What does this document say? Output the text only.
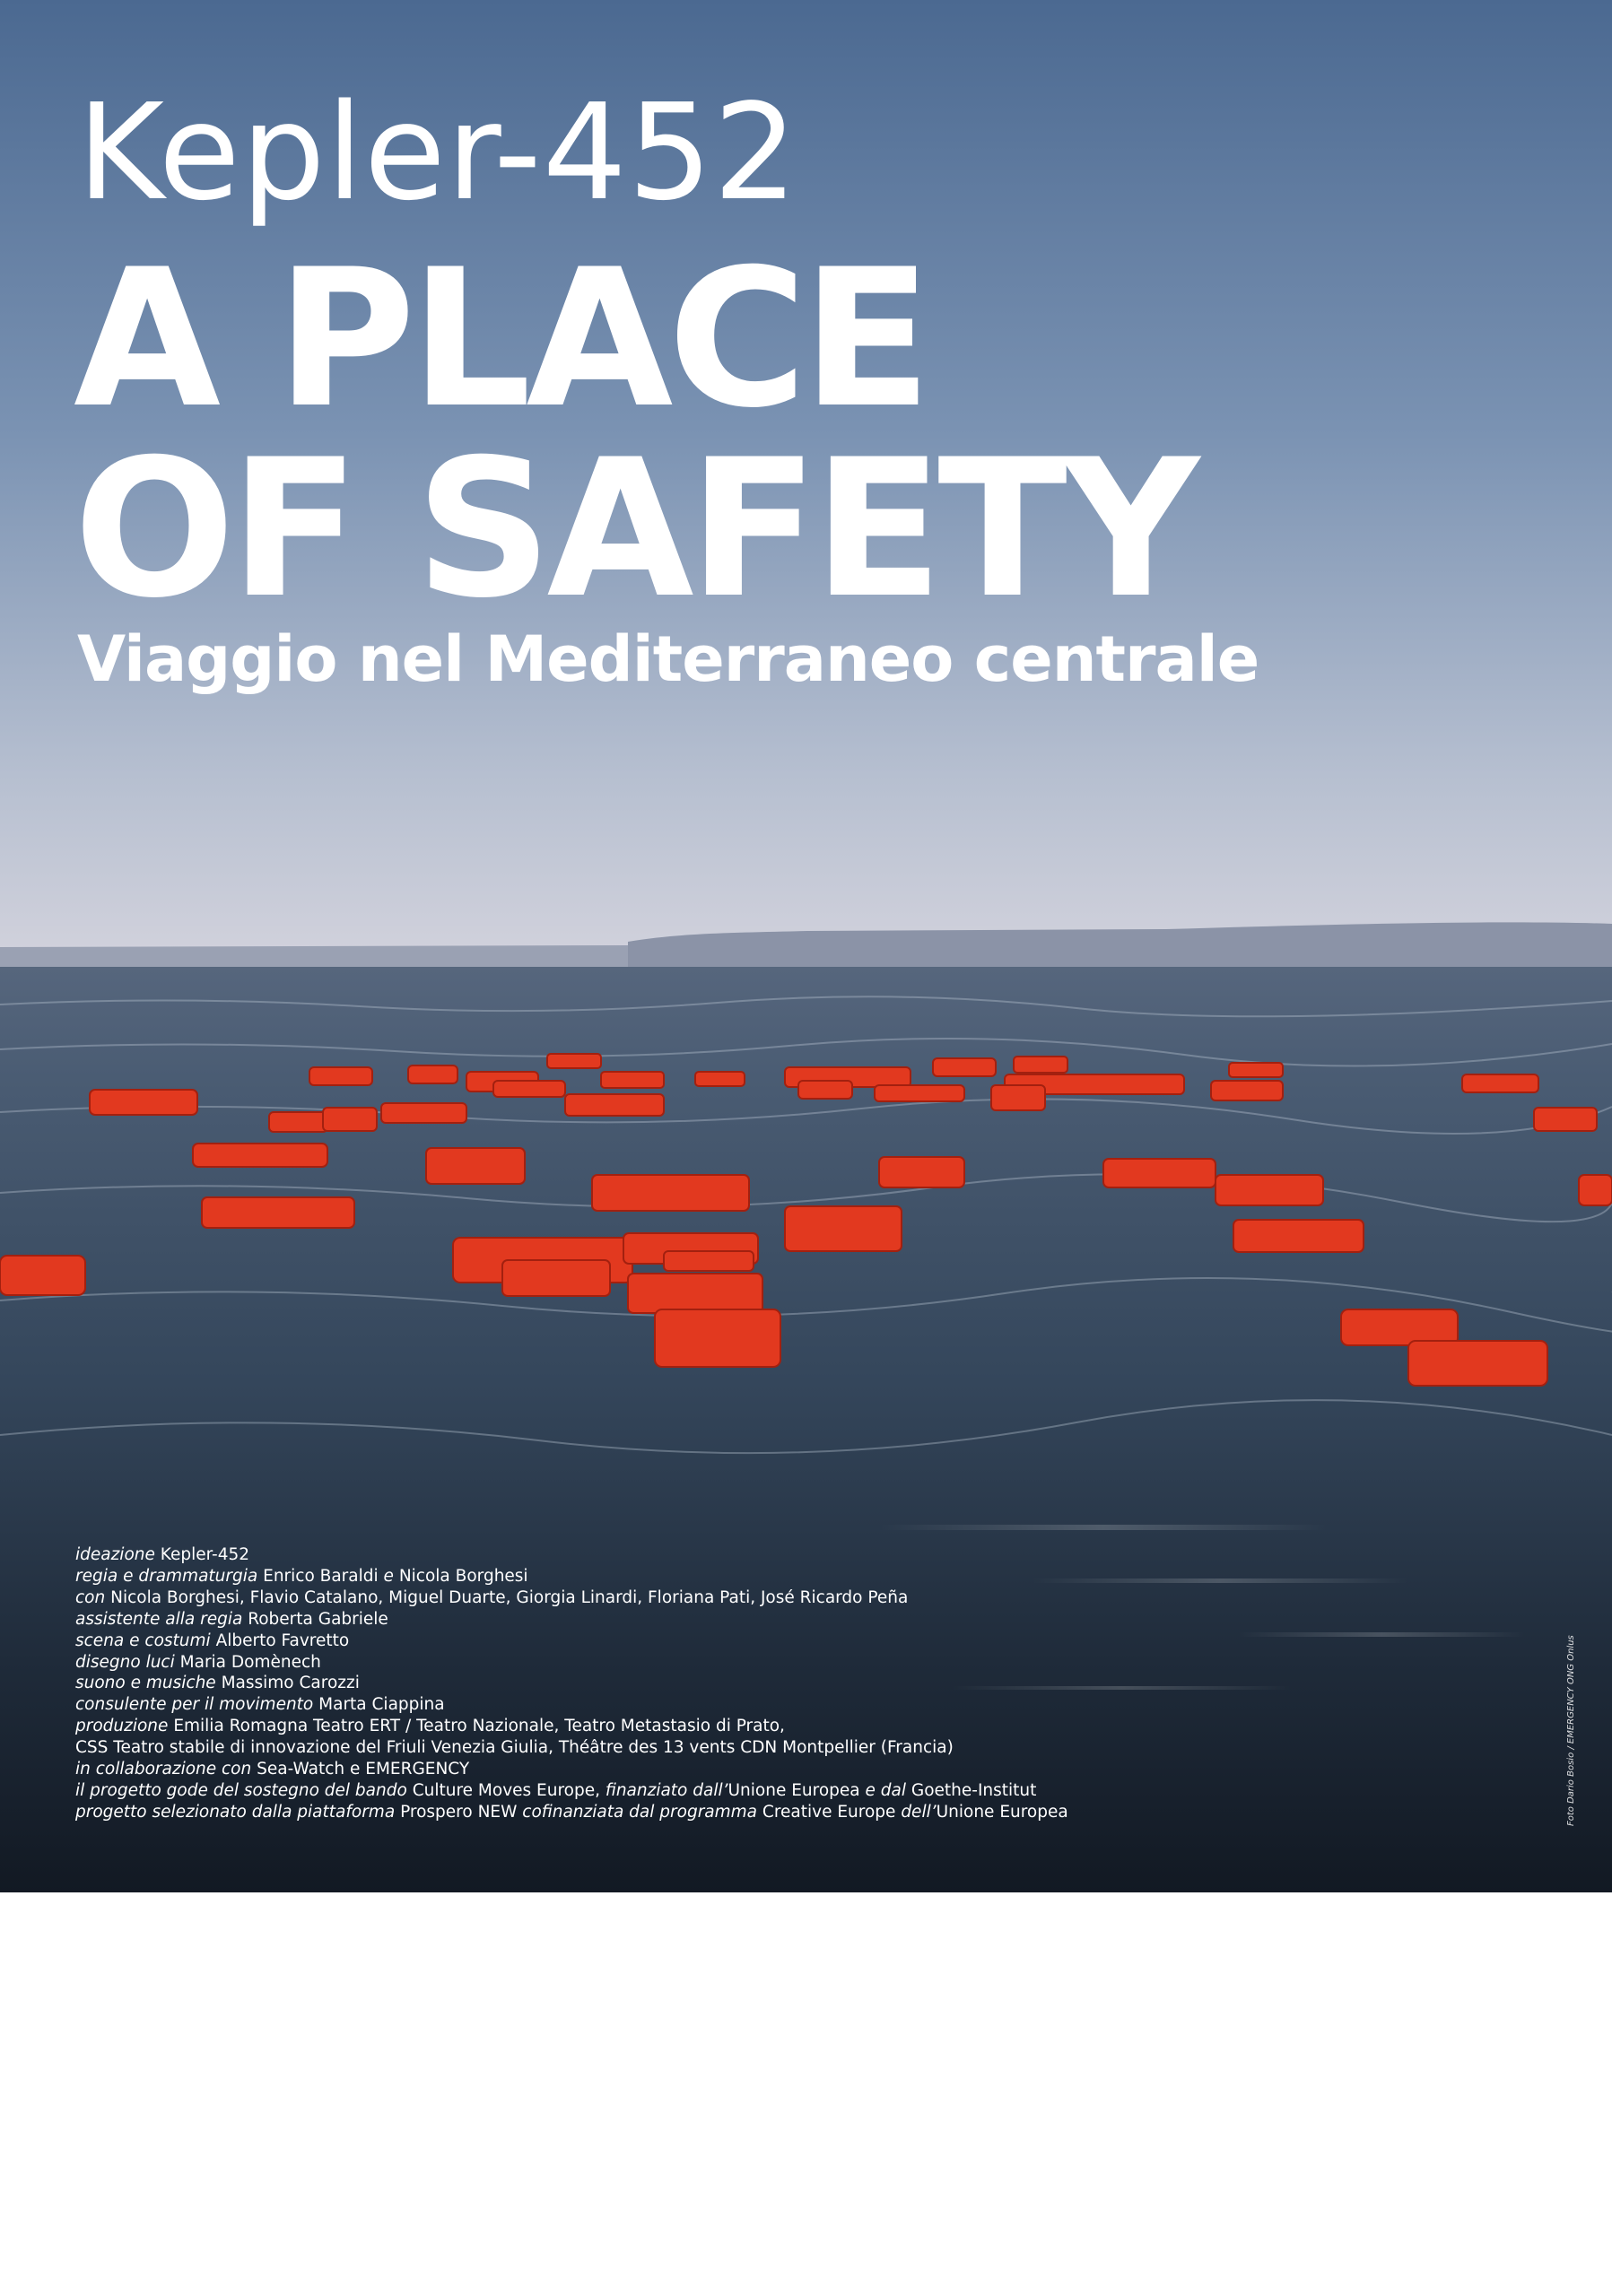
Kepler-452
A PLACE
OF SAFETY
Viaggio nel Mediterraneo centrale
ideazione Kepler-452
regia e drammaturgia Enrico Baraldi e Nicola Borghesi
con Nicola Borghesi, Flavio Catalano, Miguel Duarte, Giorgia Linardi, Floriana Pati, José Ricardo Peña
assistente alla regia Roberta Gabriele
scena e costumi Alberto Favretto
disegno luci Maria Domènech
suono e musiche Massimo Carozzi
consulente per il movimento Marta Ciappina
produzione Emilia Romagna Teatro ERT / Teatro Nazionale, Teatro Metastasio di Prato,
CSS Teatro stabile di innovazione del Friuli Venezia Giulia, Théâtre des 13 vents CDN Montpellier (Francia)
in collaborazione con Sea-Watch e EMERGENCY
il progetto gode del sostegno del bando Culture Moves Europe, finanziato dall’Unione Europea e dal Goethe-Institut
progetto selezionato dalla piattaforma Prospero NEW cofinanziata dal programma Creative Europe dell’Unione Europea	Foto Dario Bosio / EMERGENCY ONG Onlus
